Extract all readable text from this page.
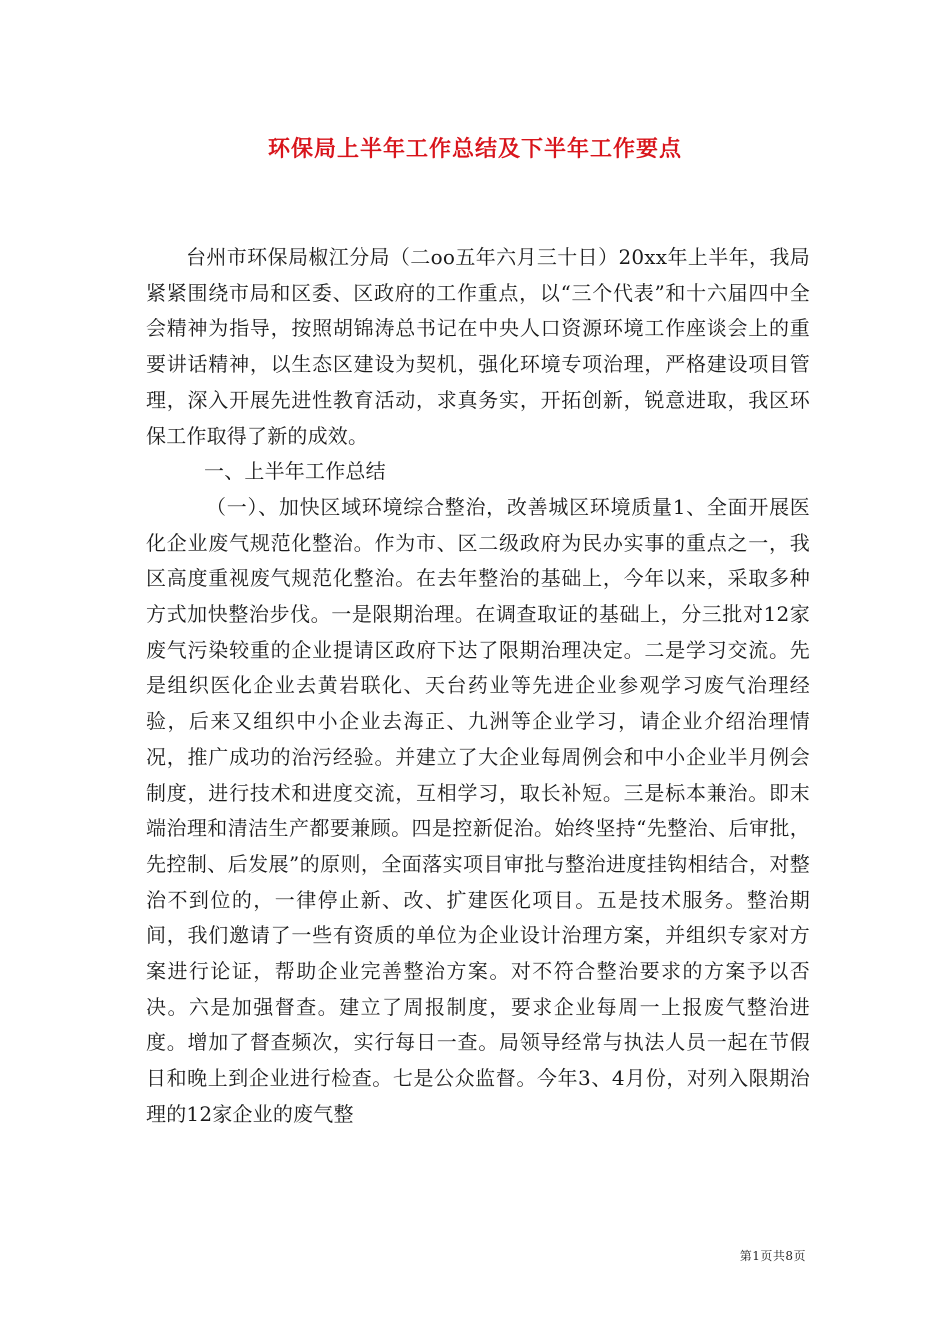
环保局上半年工作总结及下半年工作要点

台州市环保局椒江分局（二oo五年六月三十日）20xx年上半年，我局紧紧围绕市局和区委、区政府的工作重点，以“三个代表”和十六届四中全会精神为指导，按照胡锦涛总书记在中央人口资源环境工作座谈会上的重要讲话精神，以生态区建设为契机，强化环境专项治理，严格建设项目管理，深入开展先进性教育活动，求真务实，开拓创新，锐意进取，我区环保工作取得了新的成效。

一、上半年工作总结

（一）、加快区域环境综合整治，改善城区环境质量1、全面开展医化企业废气规范化整治。作为市、区二级政府为民办实事的重点之一，我区高度重视废气规范化整治。在去年整治的基础上，今年以来，采取多种方式加快整治步伐。一是限期治理。在调查取证的基础上，分三批对12家废气污染较重的企业提请区政府下达了限期治理决定。二是学习交流。先是组织医化企业去黄岩联化、天台药业等先进企业参观学习废气治理经验，后来又组织中小企业去海正、九洲等企业学习，请企业介绍治理情况，推广成功的治污经验。并建立了大企业每周例会和中小企业半月例会制度，进行技术和进度交流，互相学习，取长补短。三是标本兼治。即末端治理和清洁生产都要兼顾。四是控新促治。始终坚持“先整治、后审批，先控制、后发展”的原则，全面落实项目审批与整治进度挂钩相结合，对整治不到位的，一律停止新、改、扩建医化项目。五是技术服务。整治期间，我们邀请了一些有资质的单位为企业设计治理方案，并组织专家对方案进行论证，帮助企业完善整治方案。对不符合整治要求的方案予以否决。六是加强督查。建立了周报制度，要求企业每周一上报废气整治进度。增加了督查频次，实行每日一查。局领导经常与执法人员一起在节假日和晚上到企业进行检查。七是公众监督。今年3、4月份，对列入限期治理的12家企业的废气整

第1页共8页
